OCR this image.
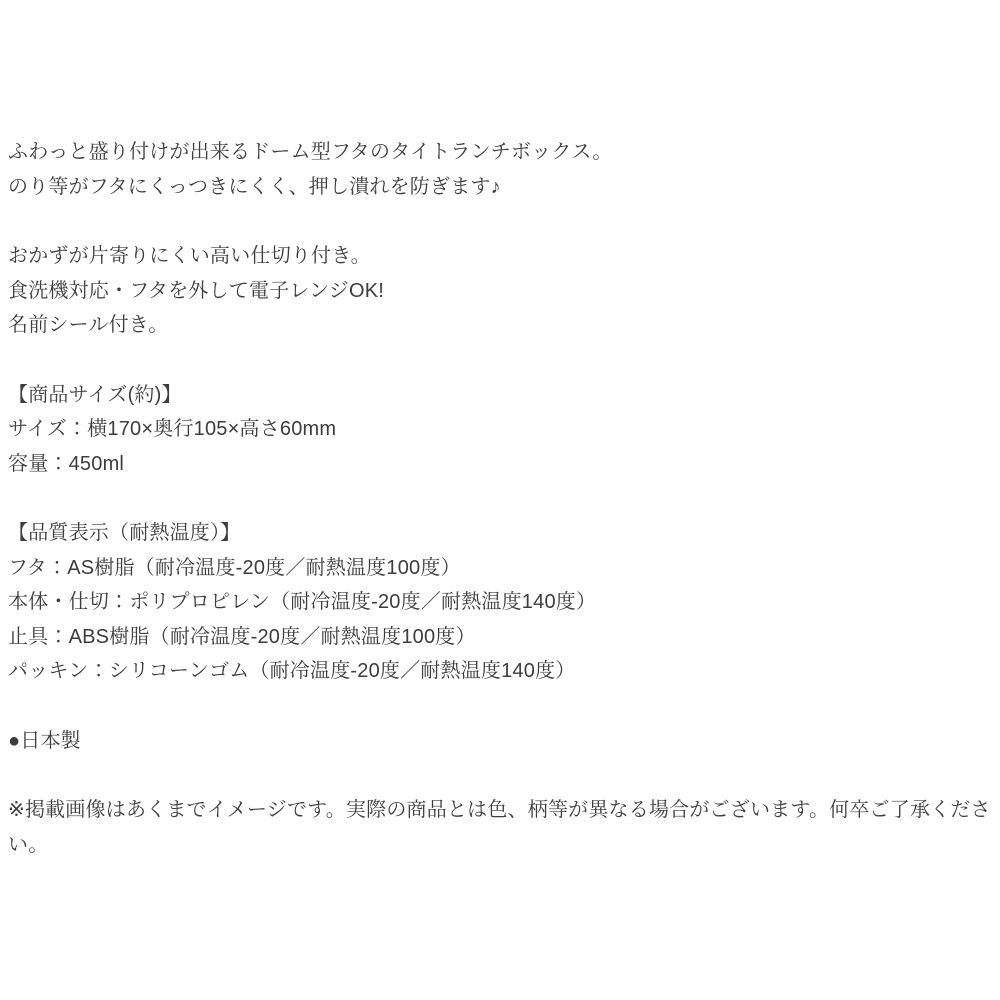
ふわっと盛り付けが出来るドーム型フタのタイトランチボックス。
のり等がフタにくっつきにくく、押し潰れを防ぎます♪

おかずが片寄りにくい高い仕切り付き。
食洗機対応・フタを外して電子レンジOK!
名前シール付き。

【商品サイズ(約)】
サイズ：横170×奥行105×高さ60mm
容量：450ml

【品質表示（耐熱温度）】
フタ：AS樹脂（耐冷温度-20度／耐熱温度100度）
本体・仕切：ポリプロピレン（耐冷温度-20度／耐熱温度140度）
止具：ABS樹脂（耐冷温度-20度／耐熱温度100度）
パッキン：シリコーンゴム（耐冷温度-20度／耐熱温度140度）

●日本製

※掲載画像はあくまでイメージです。実際の商品とは色、柄等が異なる場合がございます。何卒ご了承ください。
